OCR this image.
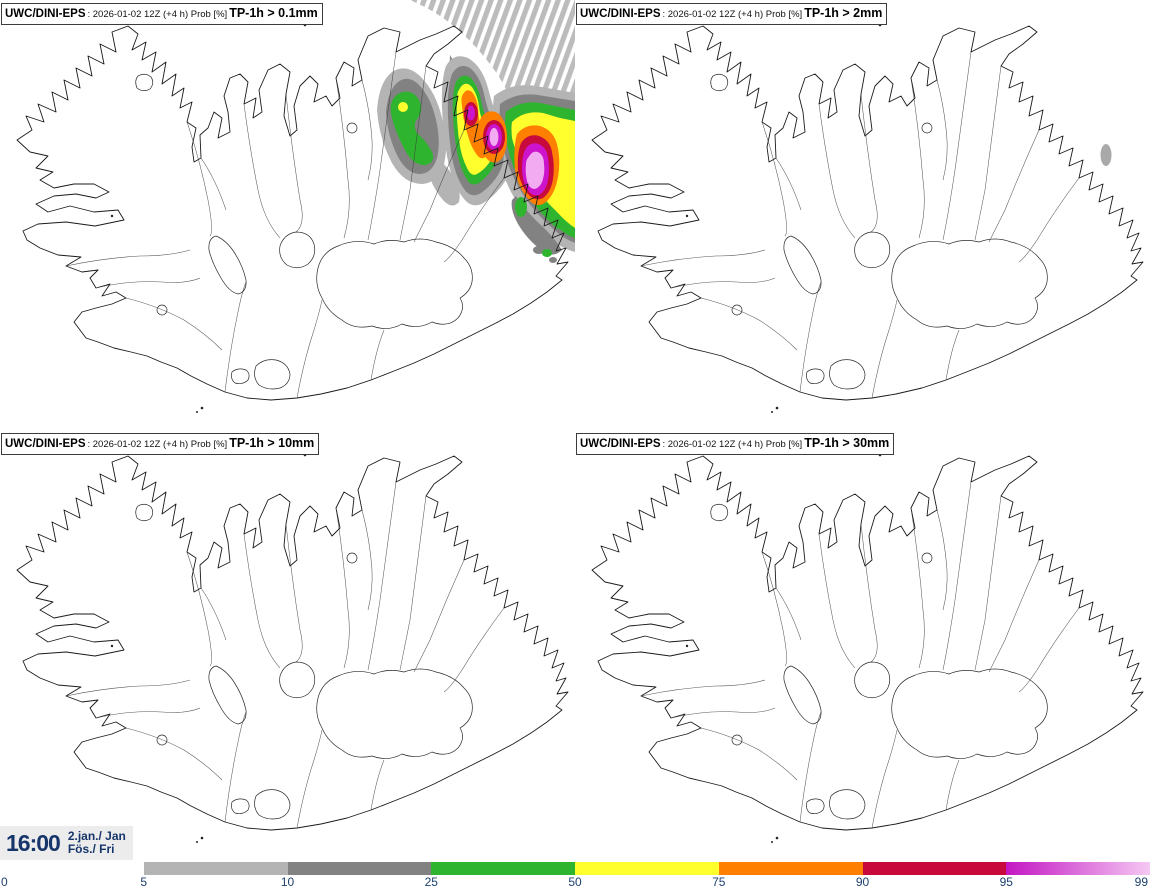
UWC/DINI-EPS : 2026-01-02 12Z (+4 h) Prob [%] TP-1h > 0.1mm	UWC/DINI-EPS : 2026-01-02 12Z (+4 h) Prob [%] TP-1h > 2mm
UWC/DINI-EPS : 2026-01-02 12Z (+4 h) Prob [%] TP-1h > 10mm	UWC/DINI-EPS : 2026-01-02 12Z (+4 h) Prob [%] TP-1h > 30mm
16:00 2.jan./ Jan
Fös./ Fri
0	5	10	25	50	75	90	95	99
